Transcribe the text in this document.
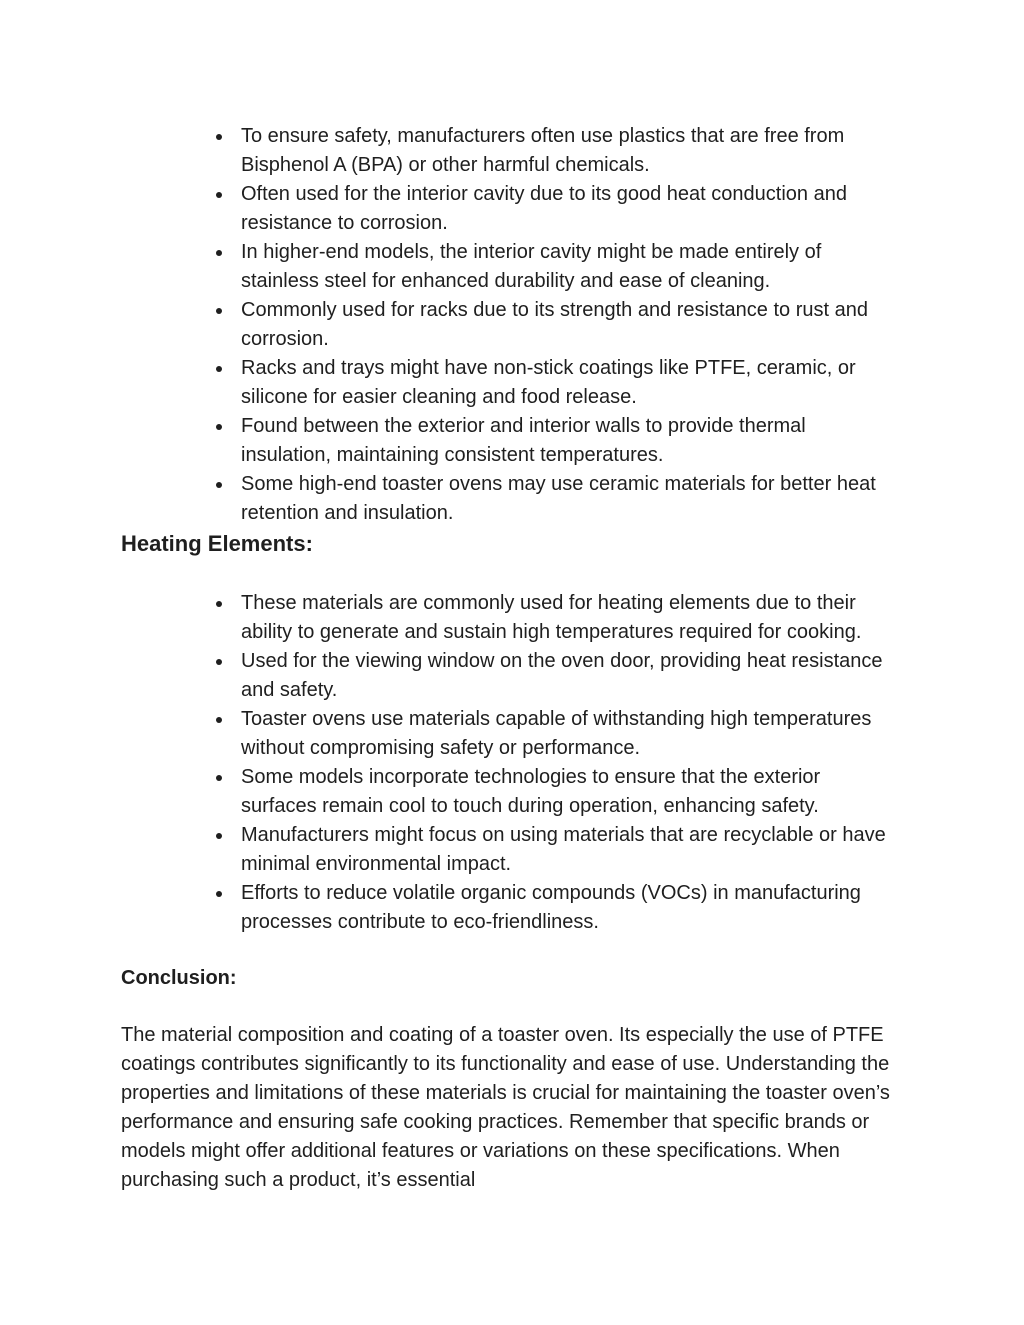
To ensure safety, manufacturers often use plastics that are free from Bisphenol A (BPA) or other harmful chemicals.
Often used for the interior cavity due to its good heat conduction and resistance to corrosion.
In higher-end models, the interior cavity might be made entirely of stainless steel for enhanced durability and ease of cleaning.
Commonly used for racks due to its strength and resistance to rust and corrosion.
Racks and trays might have non-stick coatings like PTFE, ceramic, or silicone for easier cleaning and food release.
Found between the exterior and interior walls to provide thermal insulation, maintaining consistent temperatures.
Some high-end toaster ovens may use ceramic materials for better heat retention and insulation.
Heating Elements:
These materials are commonly used for heating elements due to their ability to generate and sustain high temperatures required for cooking.
Used for the viewing window on the oven door, providing heat resistance and safety.
Toaster ovens use materials capable of withstanding high temperatures without compromising safety or performance.
Some models incorporate technologies to ensure that the exterior surfaces remain cool to touch during operation, enhancing safety.
Manufacturers might focus on using materials that are recyclable or have minimal environmental impact.
Efforts to reduce volatile organic compounds (VOCs) in manufacturing processes contribute to eco-friendliness.
Conclusion:

The material composition and coating of a toaster oven. Its especially the use of PTFE coatings contributes significantly to its functionality and ease of use. Understanding the properties and limitations of these materials is crucial for maintaining the toaster oven’s performance and ensuring safe cooking practices. Remember that specific brands or models might offer additional features or variations on these specifications. When purchasing such a product, it’s essential
